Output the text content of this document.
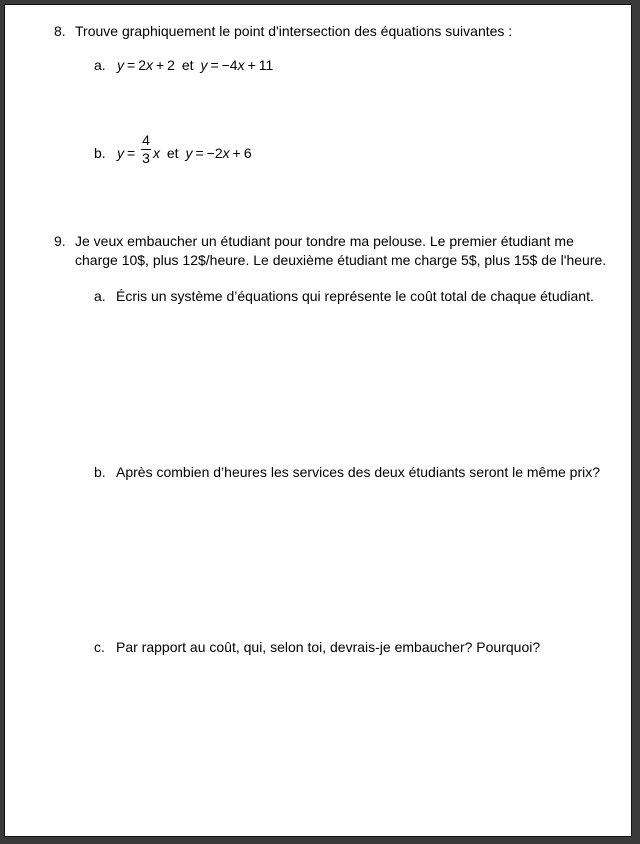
8. Trouve graphiquement le point d'intersection des équations suivantes :
a. y = 2x + 2 et y = −4x + 11
b. y =
4
3 x et y = −2x + 6
9. Je veux embaucher un étudiant pour tondre ma pelouse. Le premier étudiant me
charge 10$, plus 12$/heure. Le deuxième étudiant me charge 5$, plus 15$ de l'heure.
a. Écris un système d’équations qui représente le coût total de chaque étudiant.
b. Après combien d’heures les services des deux étudiants seront le même prix?
c. Par rapport au coût, qui, selon toi, devrais-je embaucher? Pourquoi?
